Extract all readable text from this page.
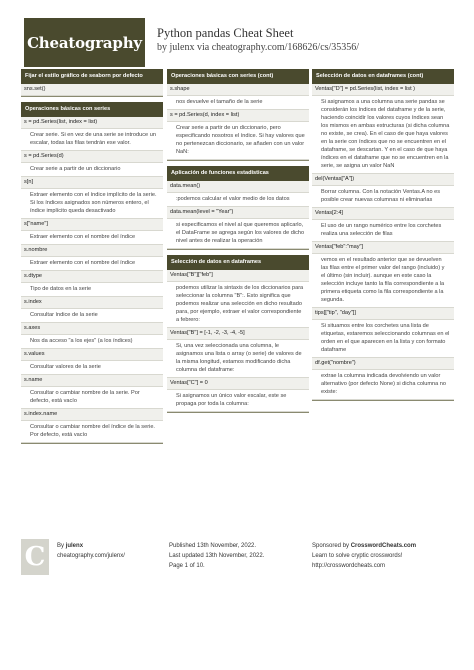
Cheatography
Python pandas Cheat Sheet
by julenx via cheatography.com/168626/cs/35356/
Fijar el estilo gráfico de seaborn por defecto
sns.set()
Operaciones básicas con series
s = pd.Series(list, index = list)
Crear serie. Si en vez de una serie se introduce un escalar, todas las filas tendrán ese valor.
s = pd.Series(d)
Crear serie a partir de un diccionario
s[n]
Extraer elemento con el índice implícito de la serie. Si los índices asignados son números entero, el índice implícito queda desactivado
s["name"]
Extraer elemento con el nombre del índice
s.nombre
Extraer elemento con el nombre del índice
s.dtype
Tipo de datos en la serie
s.index
Consultar índice de la serie
s.axes
Nos da acceso "a los ejes" (a los índices)
s.values
Consultar valores de la serie
s.name
Consultar o cambiar nombre de la serie. Por defecto, está vacío
s.index.name
Consultar o cambiar nombre del índice de la serie. Por defecto, está vacío
Operaciones básicas con series (cont)
s.shape
nos devuelve el tamaño de la serie
s = pd.Series(d, index = list)
Crear serie a partir de un diccionario, pero especificando nosotros el índice. Si hay valores que no pertenezcan diccionario, se añaden con un valor NaN:
Aplicación de funciones estadísticas
data.mean()
:podemos calcular el valor medio de los datos
data.mean(level = "Year")
si especificamos el nivel al que queremos aplicarlo, el DataFrame se agrega según los valores de dicho nivel antes de realizar la operación
Selección de datos en dataframes
Ventas["B"]["feb"]
podemos utilizar la sintaxis de los diccionarios para seleccionar la columna "B":. Esto significa que podemos realizar una selección en dicho resultado para, por ejemplo, extraer el valor correspondiente a febrero:
Ventas["B"] = [-1, -2, -3, -4, -5]
Si, una vez seleccionada una columna, le asignamos una lista o array (o serie) de valores de la misma longitud, estamos modificando dicha columna del dataframe:
Ventas["C"] = 0
Si asignamos un único valor escalar, este se propaga por toda la columna:
Selección de datos en dataframes (cont)
Ventas["D"] = pd.Series(list, index = list )
Si asignamos a una columna una serie pandas se considerán los índices del dataframe y de la serie, haciendo coincidir los valores cuyos índices sean los mismos en ambas estructuras (si dicha columna no existe, se crea). En el caso de que haya valores en la serie con índices que no se encuentren en el dataframe, se descartan. Y en el caso de que haya índices en el dataframe que no se encuentren en la serie, se asigna un valor NaN
del(Ventas["A"])
Borrar columna. Con la notación Ventas.A no es posible crear nuevas columnas ni eliminarlas
Ventas[2:4]
El uso de un rango numérico entre los corchetes realiza una selección de filas
Ventas["feb":"may"]
vemos en el resultado anterior que se devuelven las filas entre el primer valor del rango (incluido) y el último (sin incluir). aunque en este caso la selección incluye tanto la fila correspondiente a la primera etiqueta como la fila correspondiente a la segunda.
tips[["tip", "day"]]
Si situamos entre los corchetes una lista de etiquetas, estaremos seleccionando columnas en el orden en el que aparecen en la lista y con formato dataframe
df.get("nombre")
extrae la columna indicada devolviendo un valor alternativo (por defecto None) si dicha columna no existe:
C By julenx
cheatography.com/julenx/
Published 13th November, 2022.
Last updated 13th November, 2022.
Page 1 of 10.
Sponsored by CrosswordCheats.com
Learn to solve cryptic crosswords!
http://crosswordcheats.com
